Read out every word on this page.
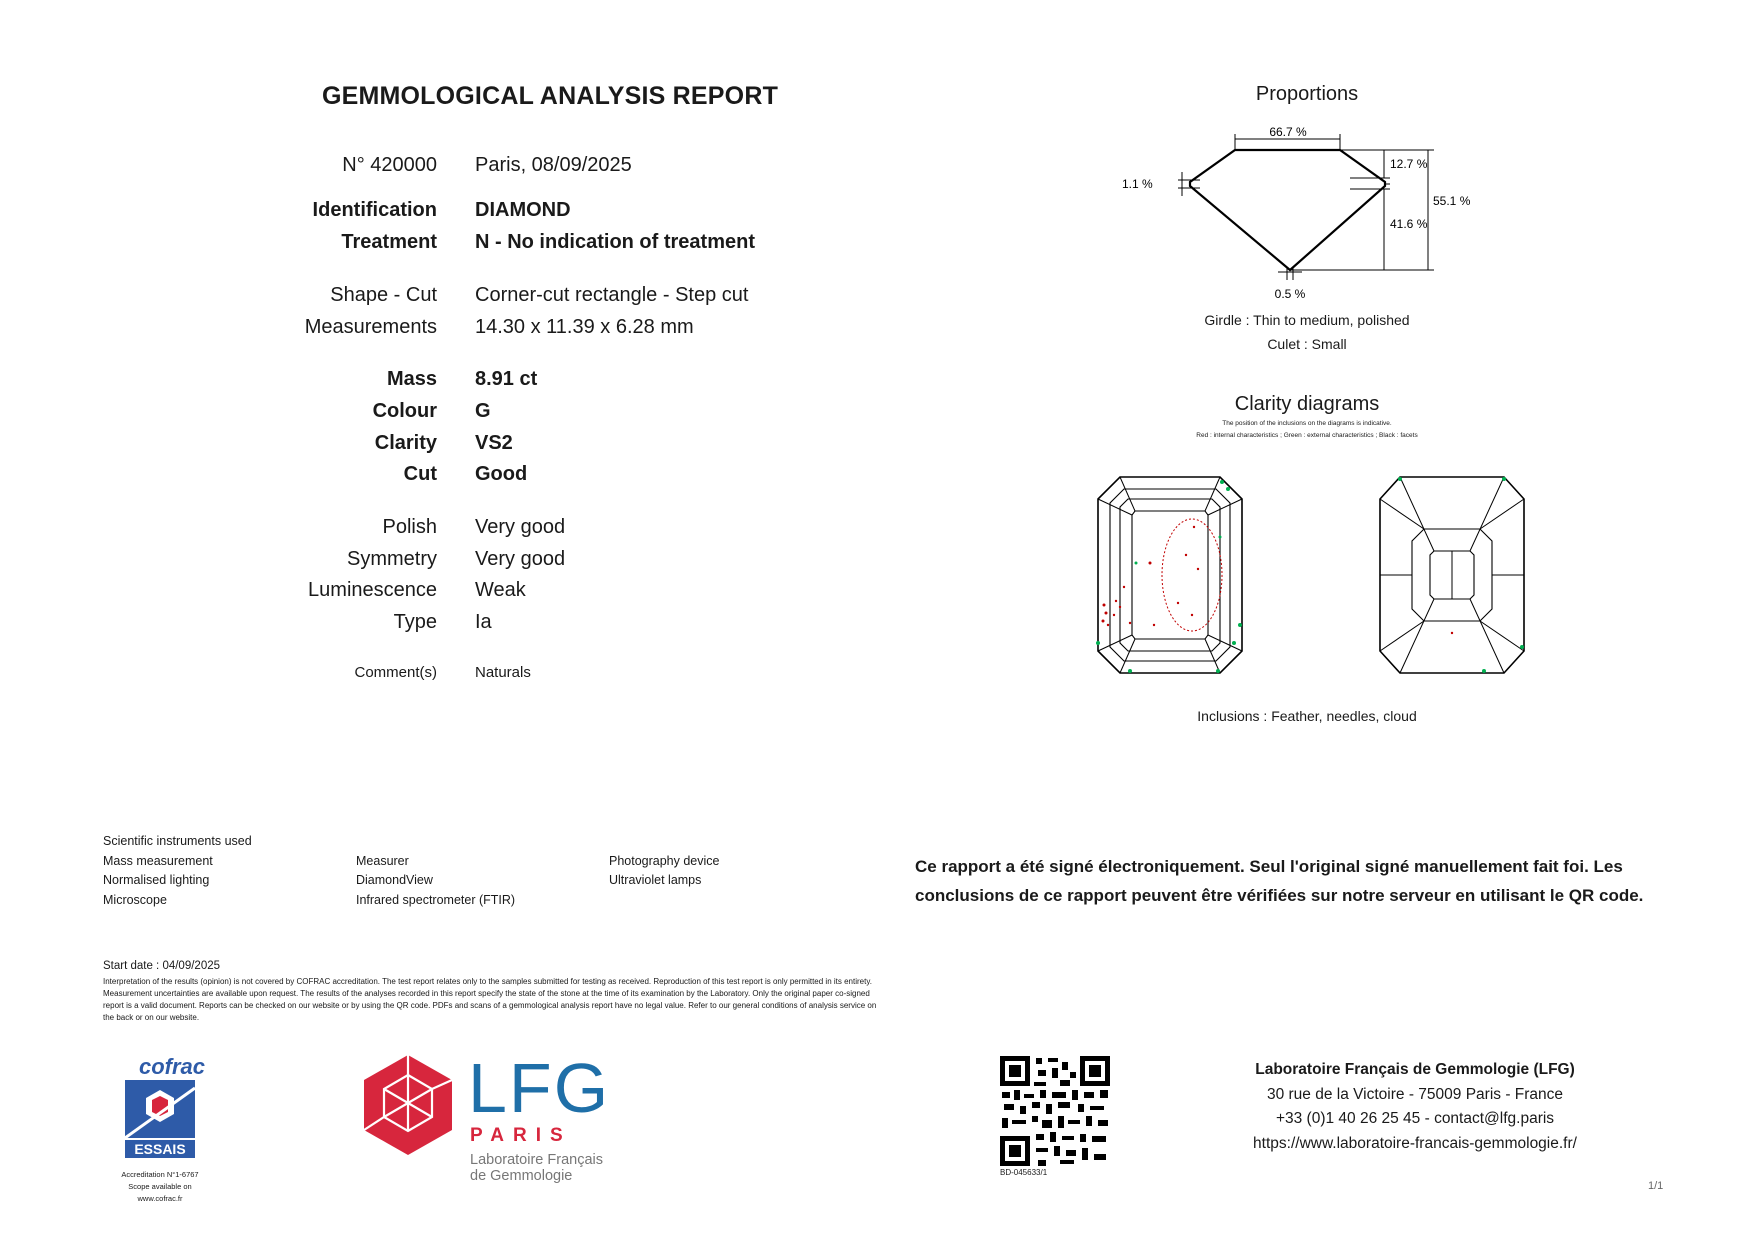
GEMMOLOGICAL ANALYSIS REPORT
N° 420000 Paris, 08/09/2025
Identification DIAMOND
Treatment N - No indication of treatment
Shape - Cut Corner-cut rectangle - Step cut
Measurements 14.30 x 11.39 x 6.28 mm
Mass 8.91 ct
Colour G
Clarity VS2
Cut Good
Polish Very good
Symmetry Very good
Luminescence Weak
Type Ia
Comment(s)	Naturals
Proportions
66.7 %
12.7 %
55.1 %
1.1 %
41.6 %
0.5 %
Girdle : Thin to medium, polished
Culet : Small
Clarity diagrams
The position of the inclusions on the diagrams is indicative.
Red : internal characteristics ; Green : external characteristics ; Black : facets
Inclusions : Feather, needles, cloud
Scientific instruments used
Mass measurement
Normalised lighting
Microscope
Measurer
DiamondView
Infrared spectrometer (FTIR)
Photography device
Ultraviolet lamps
Ce rapport a été signé électroniquement. Seul l'original signé manuellement fait foi. Les conclusions de ce rapport peuvent être vérifiées sur notre serveur en utilisant le QR code.
Start date : 04/09/2025
Interpretation of the results (opinion) is not covered by COFRAC accreditation. The test report relates only to the samples submitted for testing as received. Reproduction of this test report is only permitted in its entirety. Measurement uncertainties are available upon request. The results of the analyses recorded in this report specify the state of the stone at the time of its examination by the Laboratory. Only the original paper co-signed report is a valid document. Reports can be checked on our website or by using the QR code. PDFs and scans of a gemmological analysis report have no legal value. Refer to our general conditions of analysis service on the back or on our website.
cofrac
ESSAIS
Accreditation N°1-6767
Scope available on
www.cofrac.fr
LFG
PARIS
Laboratoire Français
de Gemmologie	BD-045633/1
Laboratoire Français de Gemmologie (LFG)
30 rue de la Victoire - 75009 Paris - France
+33 (0)1 40 26 25 45 - contact@lfg.paris
https://www.laboratoire-francais-gemmologie.fr/
1/1
